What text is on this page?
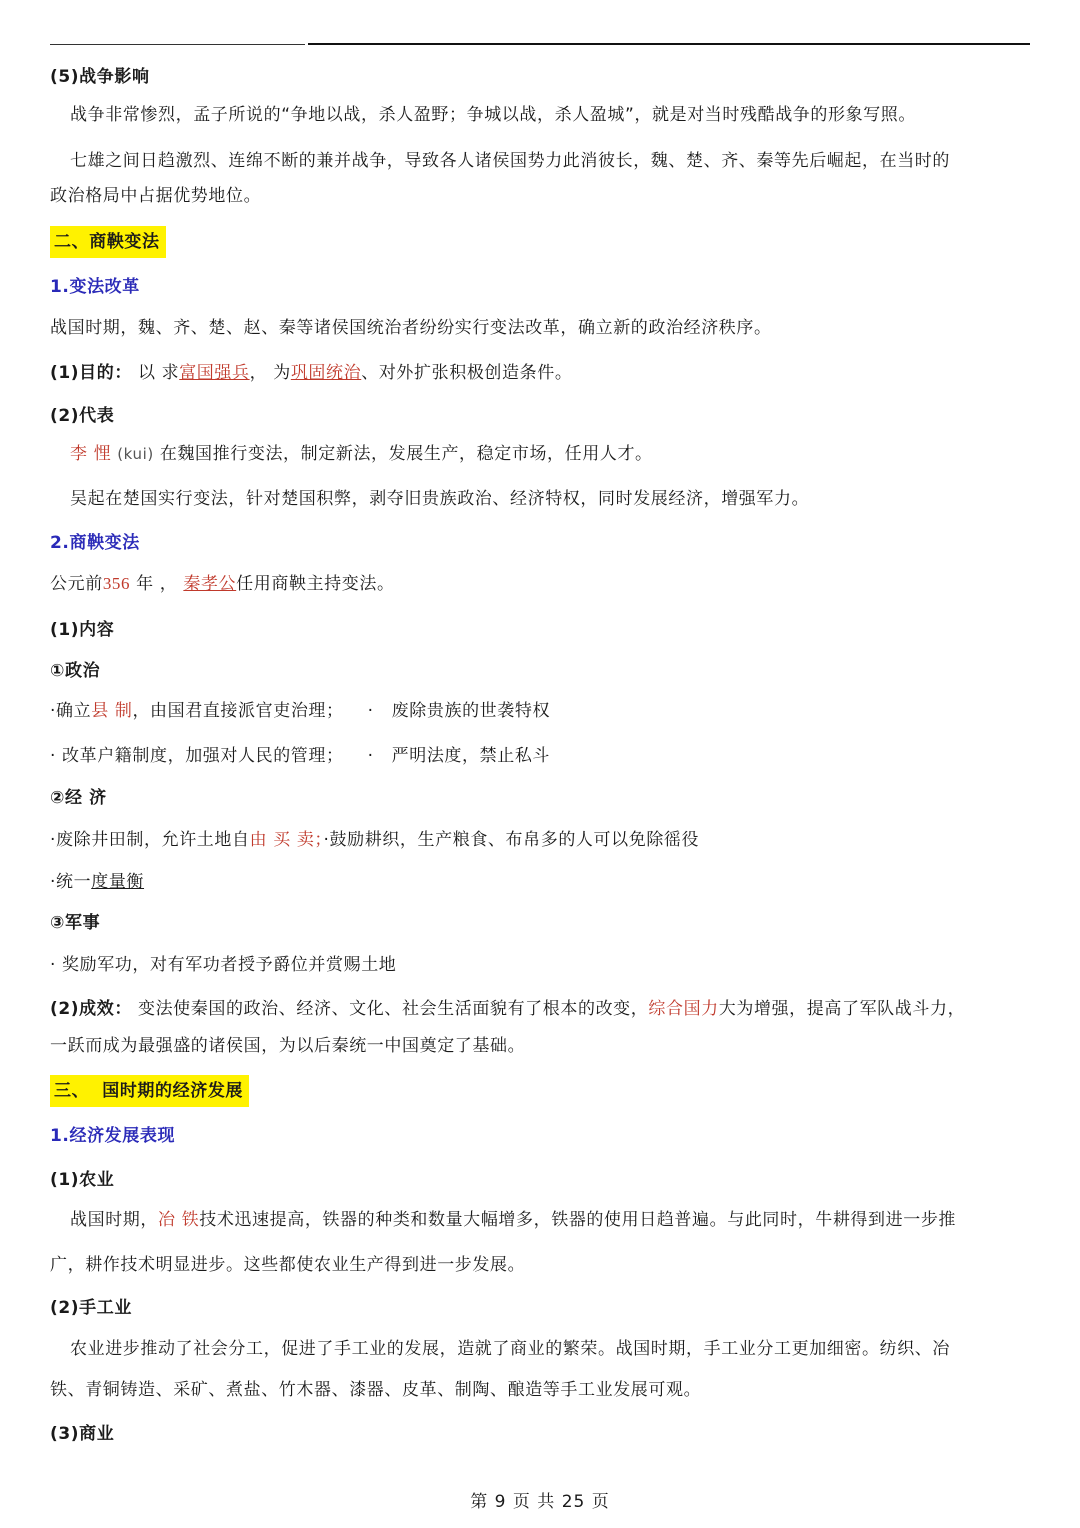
(5)战争影响
战争非常惨烈，孟子所说的“争地以战，杀人盈野；争城以战，杀人盈城”，就是对当时残酷战争的形象写照。
七雄之间日趋激烈、连绵不断的兼并战争，导致各人诸侯国势力此消彼长，魏、楚、齐、秦等先后崛起，在当时的
政治格局中占据优势地位。
二、商鞅变法
1.变法改革
战国时期，魏、齐、楚、赵、秦等诸侯国统治者纷纷实行变法改革，确立新的政治经济秩序。
(1)目的： 以 求富国强兵， 为巩固统治、对外扩张积极创造条件。
(2)代表
李 悝 (kui) 在魏国推行变法，制定新法，发展生产，稳定市场，任用人才。
吴起在楚国实行变法，针对楚国积弊，剥夺旧贵族政治、经济特权，同时发展经济，增强军力。
2.商鞅变法
公元前356 年 ， 秦孝公任用商鞅主持变法。
(1)内容
①政治
·确立县 制，由国君直接派官吏治理；    ·   废除贵族的世袭特权
· 改革户籍制度，加强对人民的管理；    ·   严明法度，禁止私斗
②经 济
·废除井田制，允许土地自由 买 卖；·鼓励耕织，生产粮食、布帛多的人可以免除徭役
·统一度量衡
③军事
· 奖励军功，对有军功者授予爵位并赏赐土地
(2)成效： 变法使秦国的政治、经济、文化、社会生活面貌有了根本的改变，综合国力大为增强，提高了军队战斗力，
一跃而成为最强盛的诸侯国，为以后秦统一中国奠定了基础。
三、  国时期的经济发展
1.经济发展表现
(1)农业
战国时期，冶 铁技术迅速提高，铁器的种类和数量大幅增多，铁器的使用日趋普遍。与此同时，牛耕得到进一步推
广，耕作技术明显进步。这些都使农业生产得到进一步发展。
(2)手工业
农业进步推动了社会分工，促进了手工业的发展，造就了商业的繁荣。战国时期，手工业分工更加细密。纺织、冶
铁、青铜铸造、采矿、煮盐、竹木器、漆器、皮革、制陶、酿造等手工业发展可观。
(3)商业
第 9 页 共 25 页
